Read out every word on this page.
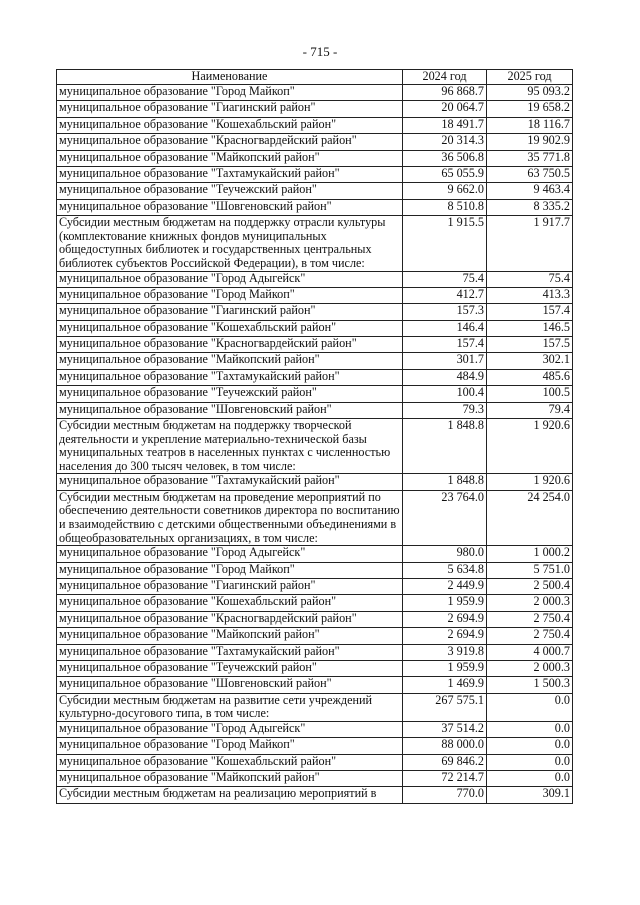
- 715 -
Наименование	2024 год	2025 год
муниципальное образование "Город Майкоп"	96 868.7	95 093.2
муниципальное образование "Гиагинский район"	20 064.7	19 658.2
муниципальное образование "Кошехабльский район"	18 491.7	18 116.7
муниципальное образование "Красногвардейский район"	20 314.3	19 902.9
муниципальное образование "Майкопский район"	36 506.8	35 771.8
муниципальное образование "Тахтамукайский район"	65 055.9	63 750.5
муниципальное образование "Теучежский район"	9 662.0	9 463.4
муниципальное образование "Шовгеновский район"	8 510.8	8 335.2
Субсидии местным бюджетам на поддержку отрасли культуры (комплектование книжных фондов муниципальных общедоступных библиотек и государственных центральных библиотек субъектов Российской Федерации), в том числе:	1 915.5	1 917.7
муниципальное образование "Город Адыгейск"	75.4	75.4
муниципальное образование "Город Майкоп"	412.7	413.3
муниципальное образование "Гиагинский район"	157.3	157.4
муниципальное образование "Кошехабльский район"	146.4	146.5
муниципальное образование "Красногвардейский район"	157.4	157.5
муниципальное образование "Майкопский район"	301.7	302.1
муниципальное образование "Тахтамукайский район"	484.9	485.6
муниципальное образование "Теучежский район"	100.4	100.5
муниципальное образование "Шовгеновский район"	79.3	79.4
Субсидии местным бюджетам на поддержку творческой деятельности и укрепление материально-технической базы муниципальных театров в населенных пунктах с численностью населения до 300 тысяч человек, в том числе:	1 848.8	1 920.6
муниципальное образование "Тахтамукайский район"	1 848.8	1 920.6
Субсидии местным бюджетам на проведение мероприятий по обеспечению деятельности советников директора по воспитанию и взаимодействию с детскими общественными объединениями в общеобразовательных организациях, в том числе:	23 764.0	24 254.0
муниципальное образование "Город Адыгейск"	980.0	1 000.2
муниципальное образование "Город Майкоп"	5 634.8	5 751.0
муниципальное образование "Гиагинский район"	2 449.9	2 500.4
муниципальное образование "Кошехабльский район"	1 959.9	2 000.3
муниципальное образование "Красногвардейский район"	2 694.9	2 750.4
муниципальное образование "Майкопский район"	2 694.9	2 750.4
муниципальное образование "Тахтамукайский район"	3 919.8	4 000.7
муниципальное образование "Теучежский район"	1 959.9	2 000.3
муниципальное образование "Шовгеновский район"	1 469.9	1 500.3
Субсидии местным бюджетам на развитие сети учреждений культурно-досугового типа, в том числе:	267 575.1	0.0
муниципальное образование "Город Адыгейск"	37 514.2	0.0
муниципальное образование "Город Майкоп"	88 000.0	0.0
муниципальное образование "Кошехабльский район"	69 846.2	0.0
муниципальное образование "Майкопский район"	72 214.7	0.0
Субсидии местным бюджетам на реализацию мероприятий в	770.0	309.1
